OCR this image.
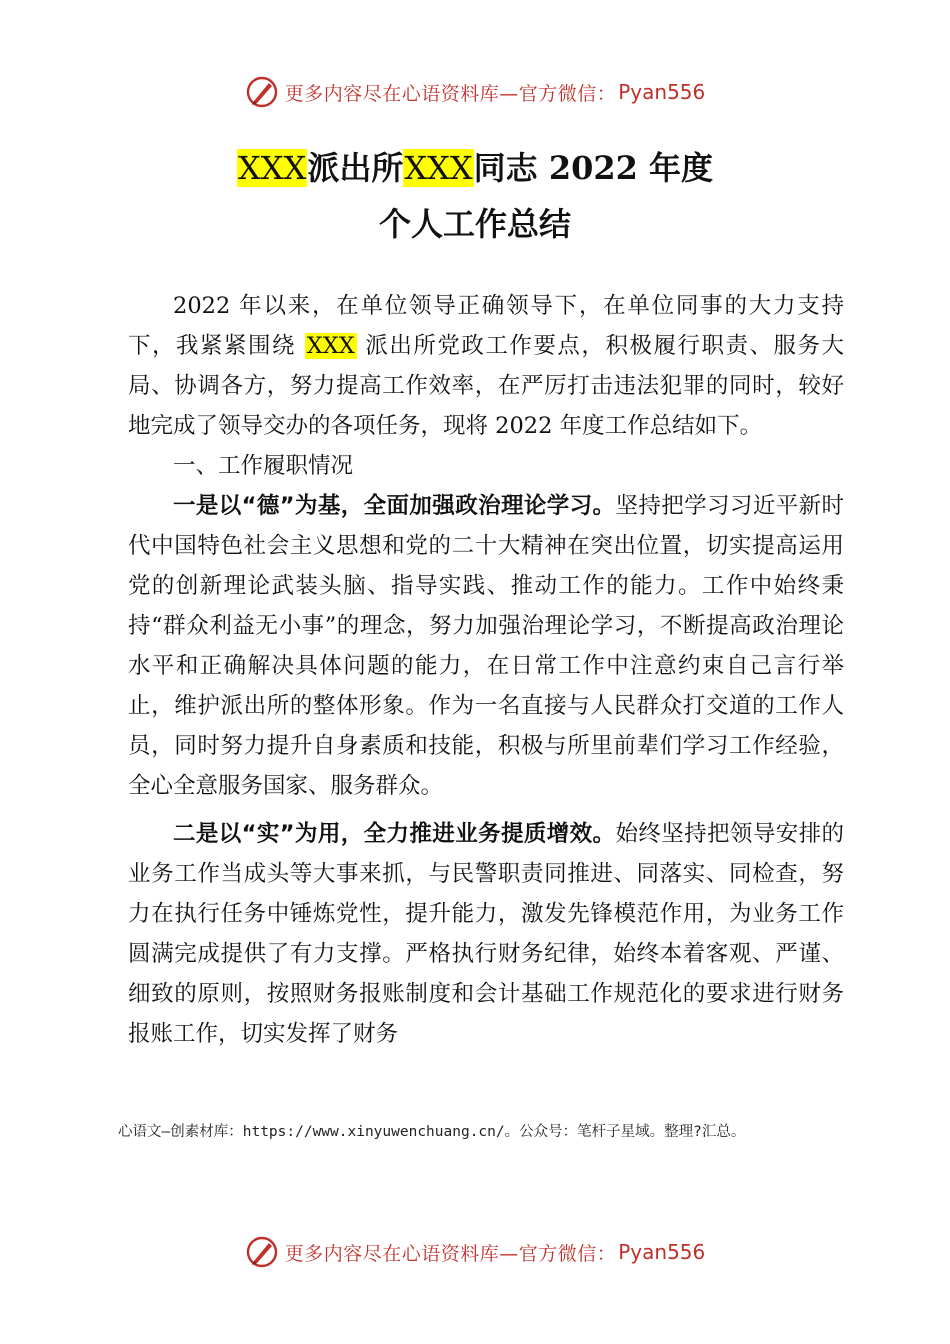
更多内容尽在心语资料库—官方微信： Pyan556
XXX派出所XXX同志 2022 年度
个人工作总结

2022 年以来，在单位领导正确领导下，在单位同事的大力支持下，我紧紧围绕 XXX 派出所党政工作要点，积极履行职责、服务大局、协调各方，努力提高工作效率，在严厉打击违法犯罪的同时，较好地完成了领导交办的各项任务，现将 2022 年度工作总结如下。

一、工作履职情况

一是以“德”为基，全面加强政治理论学习。坚持把学习习近平新时代中国特色社会主义思想和党的二十大精神在突出位置，切实提高运用党的创新理论武装头脑、指导实践、推动工作的能力。工作中始终秉持“群众利益无小事”的理念，努力加强治理论学习，不断提高政治理论水平和正确解决具体问题的能力，在日常工作中注意约束自己言行举止，维护派出所的整体形象。作为一名直接与人民群众打交道的工作人员，同时努力提升自身素质和技能，积极与所里前辈们学习工作经验，全心全意服务国家、服务群众。

二是以“实”为用，全力推进业务提质增效。始终坚持把领导安排的业务工作当成头等大事来抓，与民警职责同推进、同落实、同检查，努力在执行任务中锤炼党性，提升能力，激发先锋模范作用，为业务工作圆满完成提供了有力支撑。严格执行财务纪律，始终本着客观、严谨、细致的原则，按照财务报账制度和会计基础工作规范化的要求进行财务报账工作，切实发挥了财务

心语文—创素材库：https://www.xinyuwenchuang.cn/。公众号：笔杆子星域。整理?汇总。
更多内容尽在心语资料库—官方微信： Pyan556
